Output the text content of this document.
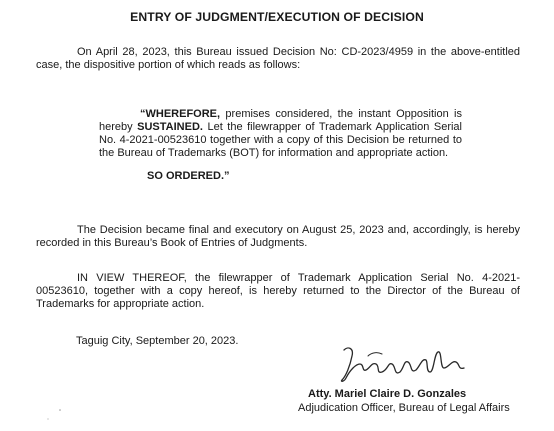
ENTRY OF JUDGMENT/EXECUTION OF DECISION

On April 28, 2023, this Bureau issued Decision No: CD-2023/4959 in the above-entitled case, the dispositive portion of which reads as follows:

“WHEREFORE, premises considered, the instant Opposition is hereby SUSTAINED. Let the filewrapper of Trademark Application Serial No. 4-2021-00523610 together with a copy of this Decision be returned to the Bureau of Trademarks (BOT) for information and appropriate action.

SO ORDERED.”

The Decision became final and executory on August 25, 2023 and, accordingly, is hereby recorded in this Bureau’s Book of Entries of Judgments.

IN VIEW THEREOF, the filewrapper of Trademark Application Serial No. 4-2021-00523610, together with a copy hereof, is hereby returned to the Director of the Bureau of Trademarks for appropriate action.

Taguig City, September 20, 2023.

Atty. Mariel Claire D. Gonzales

Adjudication Officer, Bureau of Legal Affairs
